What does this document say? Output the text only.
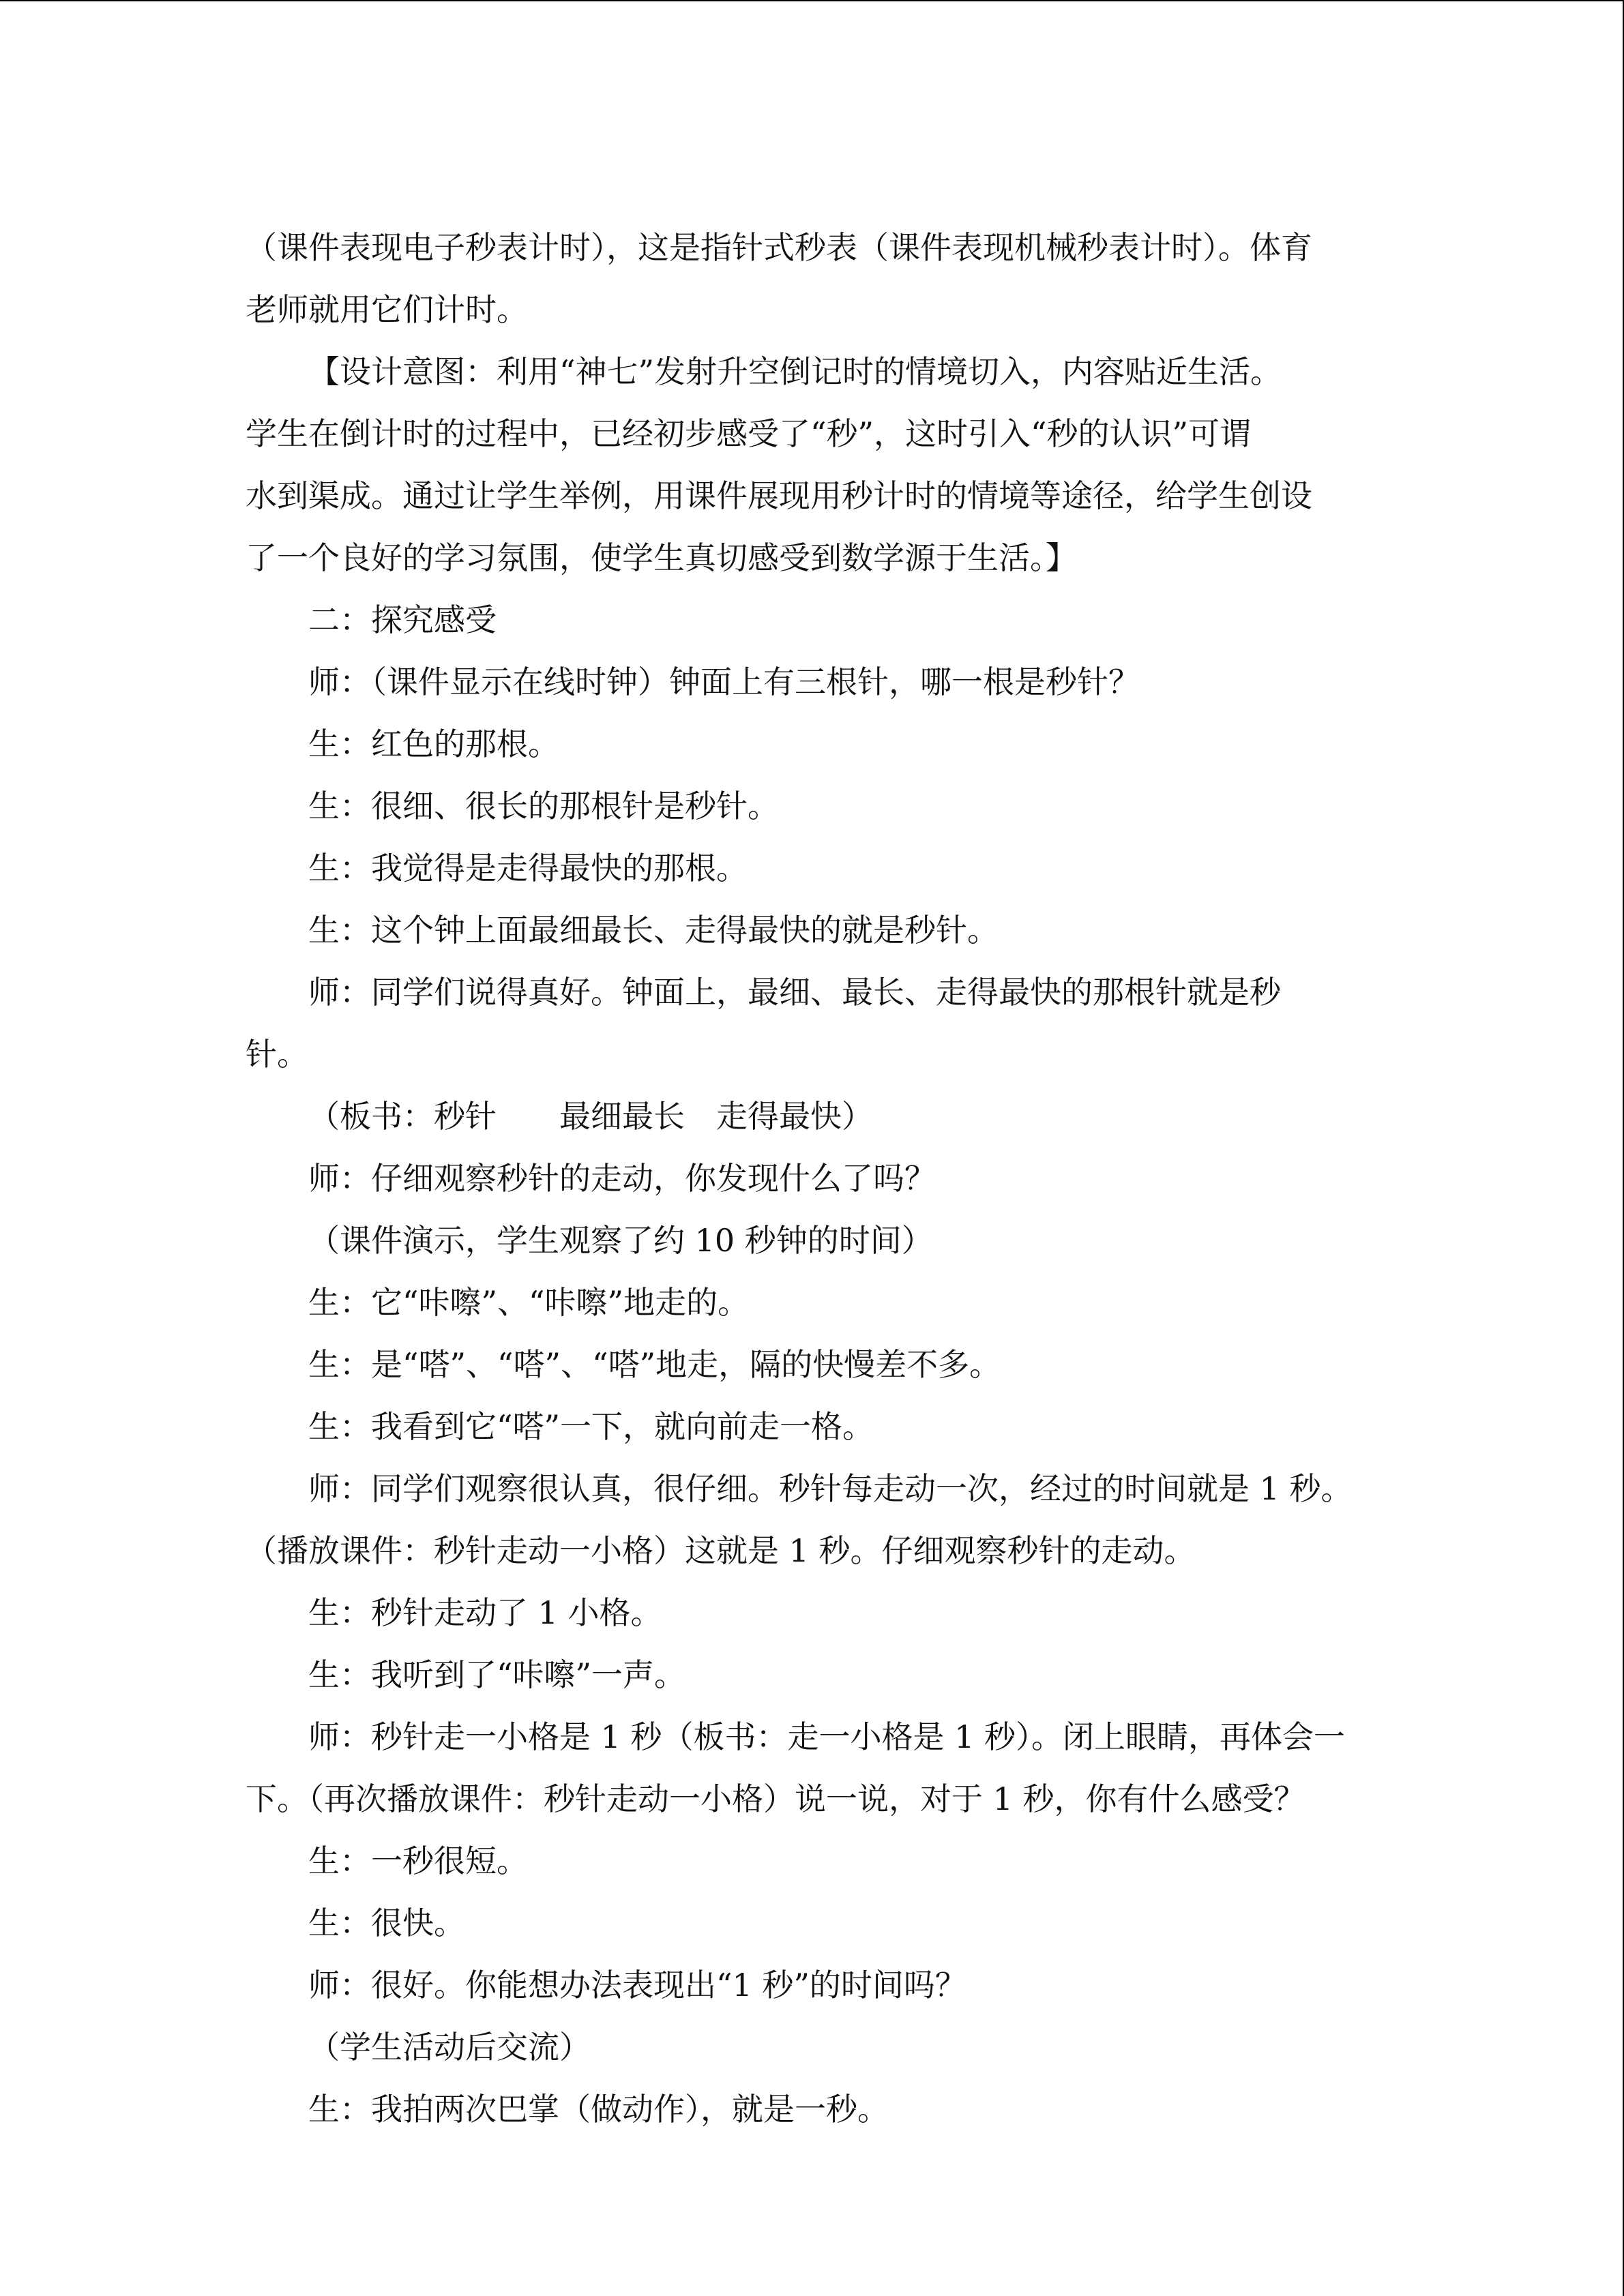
（课件表现电子秒表计时），这是指针式秒表（课件表现机械秒表计时）。体育

老师就用它们计时。

【设计意图：利用“神七”发射升空倒记时的情境切入，内容贴近生活。

学生在倒计时的过程中，已经初步感受了“秒”，这时引入“秒的认识”可谓

水到渠成。通过让学生举例，用课件展现用秒计时的情境等途径，给学生创设

了一个良好的学习氛围，使学生真切感受到数学源于生活。】

二：探究感受

师：（课件显示在线时钟）钟面上有三根针，哪一根是秒针？

生：红色的那根。

生：很细、很长的那根针是秒针。

生：我觉得是走得最快的那根。

生：这个钟上面最细最长、走得最快的就是秒针。

师：同学们说得真好。钟面上，最细、最长、走得最快的那根针就是秒

针。

（板书：秒针　　最细最长　走得最快）

师：仔细观察秒针的走动，你发现什么了吗？

（课件演示，学生观察了约 10 秒钟的时间）

生：它“咔嚓”、“咔嚓”地走的。

生：是“嗒”、“嗒”、“嗒”地走，隔的快慢差不多。

生：我看到它“嗒”一下，就向前走一格。

师：同学们观察很认真，很仔细。秒针每走动一次，经过的时间就是 1 秒。

（播放课件：秒针走动一小格）这就是 1 秒。仔细观察秒针的走动。

生：秒针走动了 1 小格。

生：我听到了“咔嚓”一声。

师：秒针走一小格是 1 秒（板书：走一小格是 1 秒）。闭上眼睛，再体会一

下。（再次播放课件：秒针走动一小格）说一说，对于 1 秒，你有什么感受？

生：一秒很短。

生：很快。

师：很好。你能想办法表现出“1 秒”的时间吗？

（学生活动后交流）

生：我拍两次巴掌（做动作），就是一秒。
